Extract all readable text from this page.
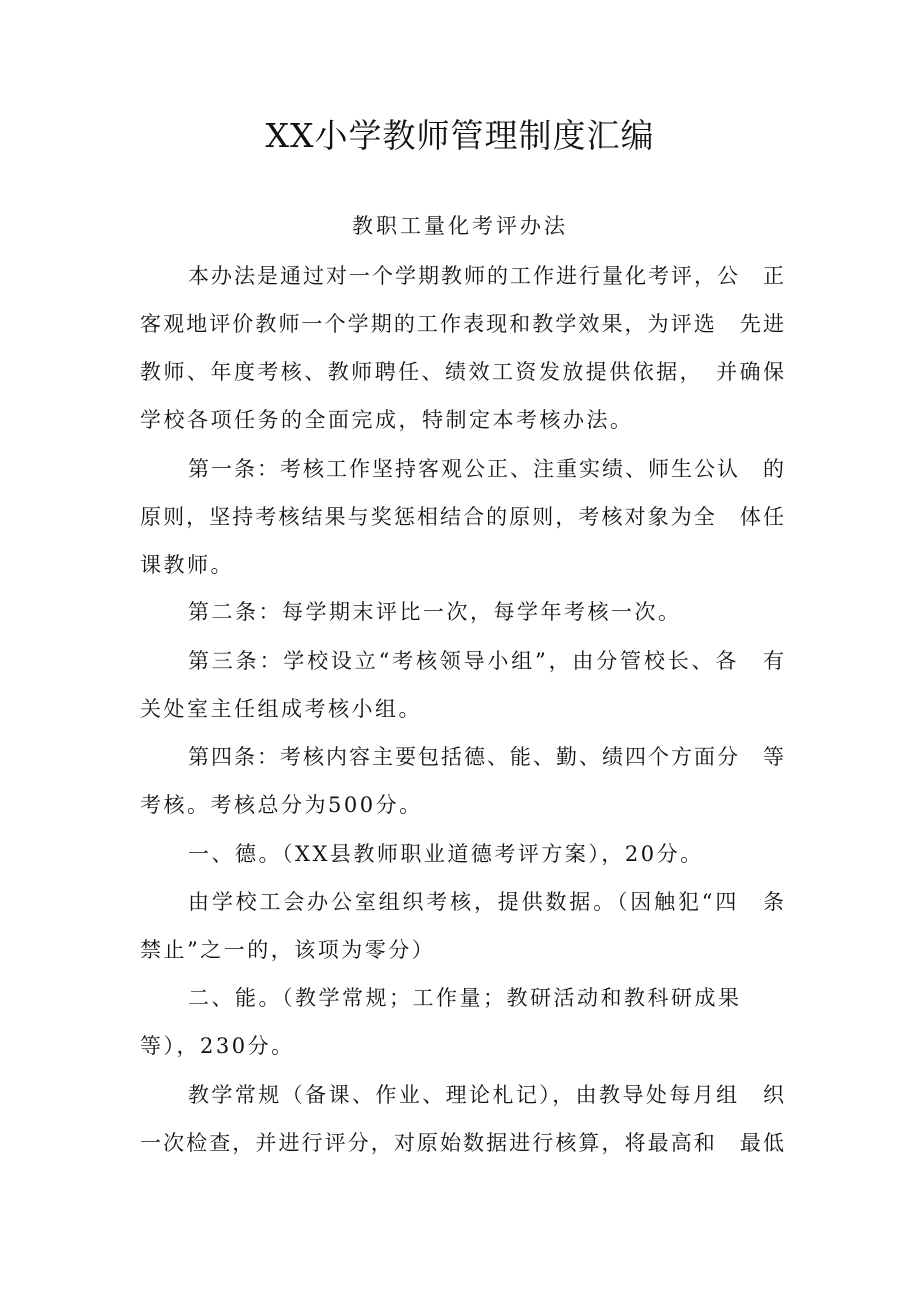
XX小学教师管理制度汇编
教职工量化考评办法
本办法是通过对一个学期教师的工作进行量化考评，公　正
客观地评价教师一个学期的工作表现和教学效果，为评选　先进
教师、年度考核、教师聘任、绩效工资发放提供依据，　并确保
学校各项任务的全面完成，特制定本考核办法。
第一条：考核工作坚持客观公正、注重实绩、师生公认　的
原则，坚持考核结果与奖惩相结合的原则，考核对象为全　体任
课教师。
第二条：每学期末评比一次，每学年考核一次。
第三条：学校设立“考核领导小组”，由分管校长、各　有
关处室主任组成考核小组。
第四条：考核内容主要包括德、能、勤、绩四个方面分　等
考核。考核总分为500分。
一、德。（XX县教师职业道德考评方案），20分。
由学校工会办公室组织考核，提供数据。（因触犯“四　条
禁止”之一的，该项为零分）
二、能。（教学常规；工作量；教研活动和教科研成果
等），230分。
教学常规（备课、作业、理论札记），由教导处每月组　织
一次检查，并进行评分，对原始数据进行核算，将最高和　最低
